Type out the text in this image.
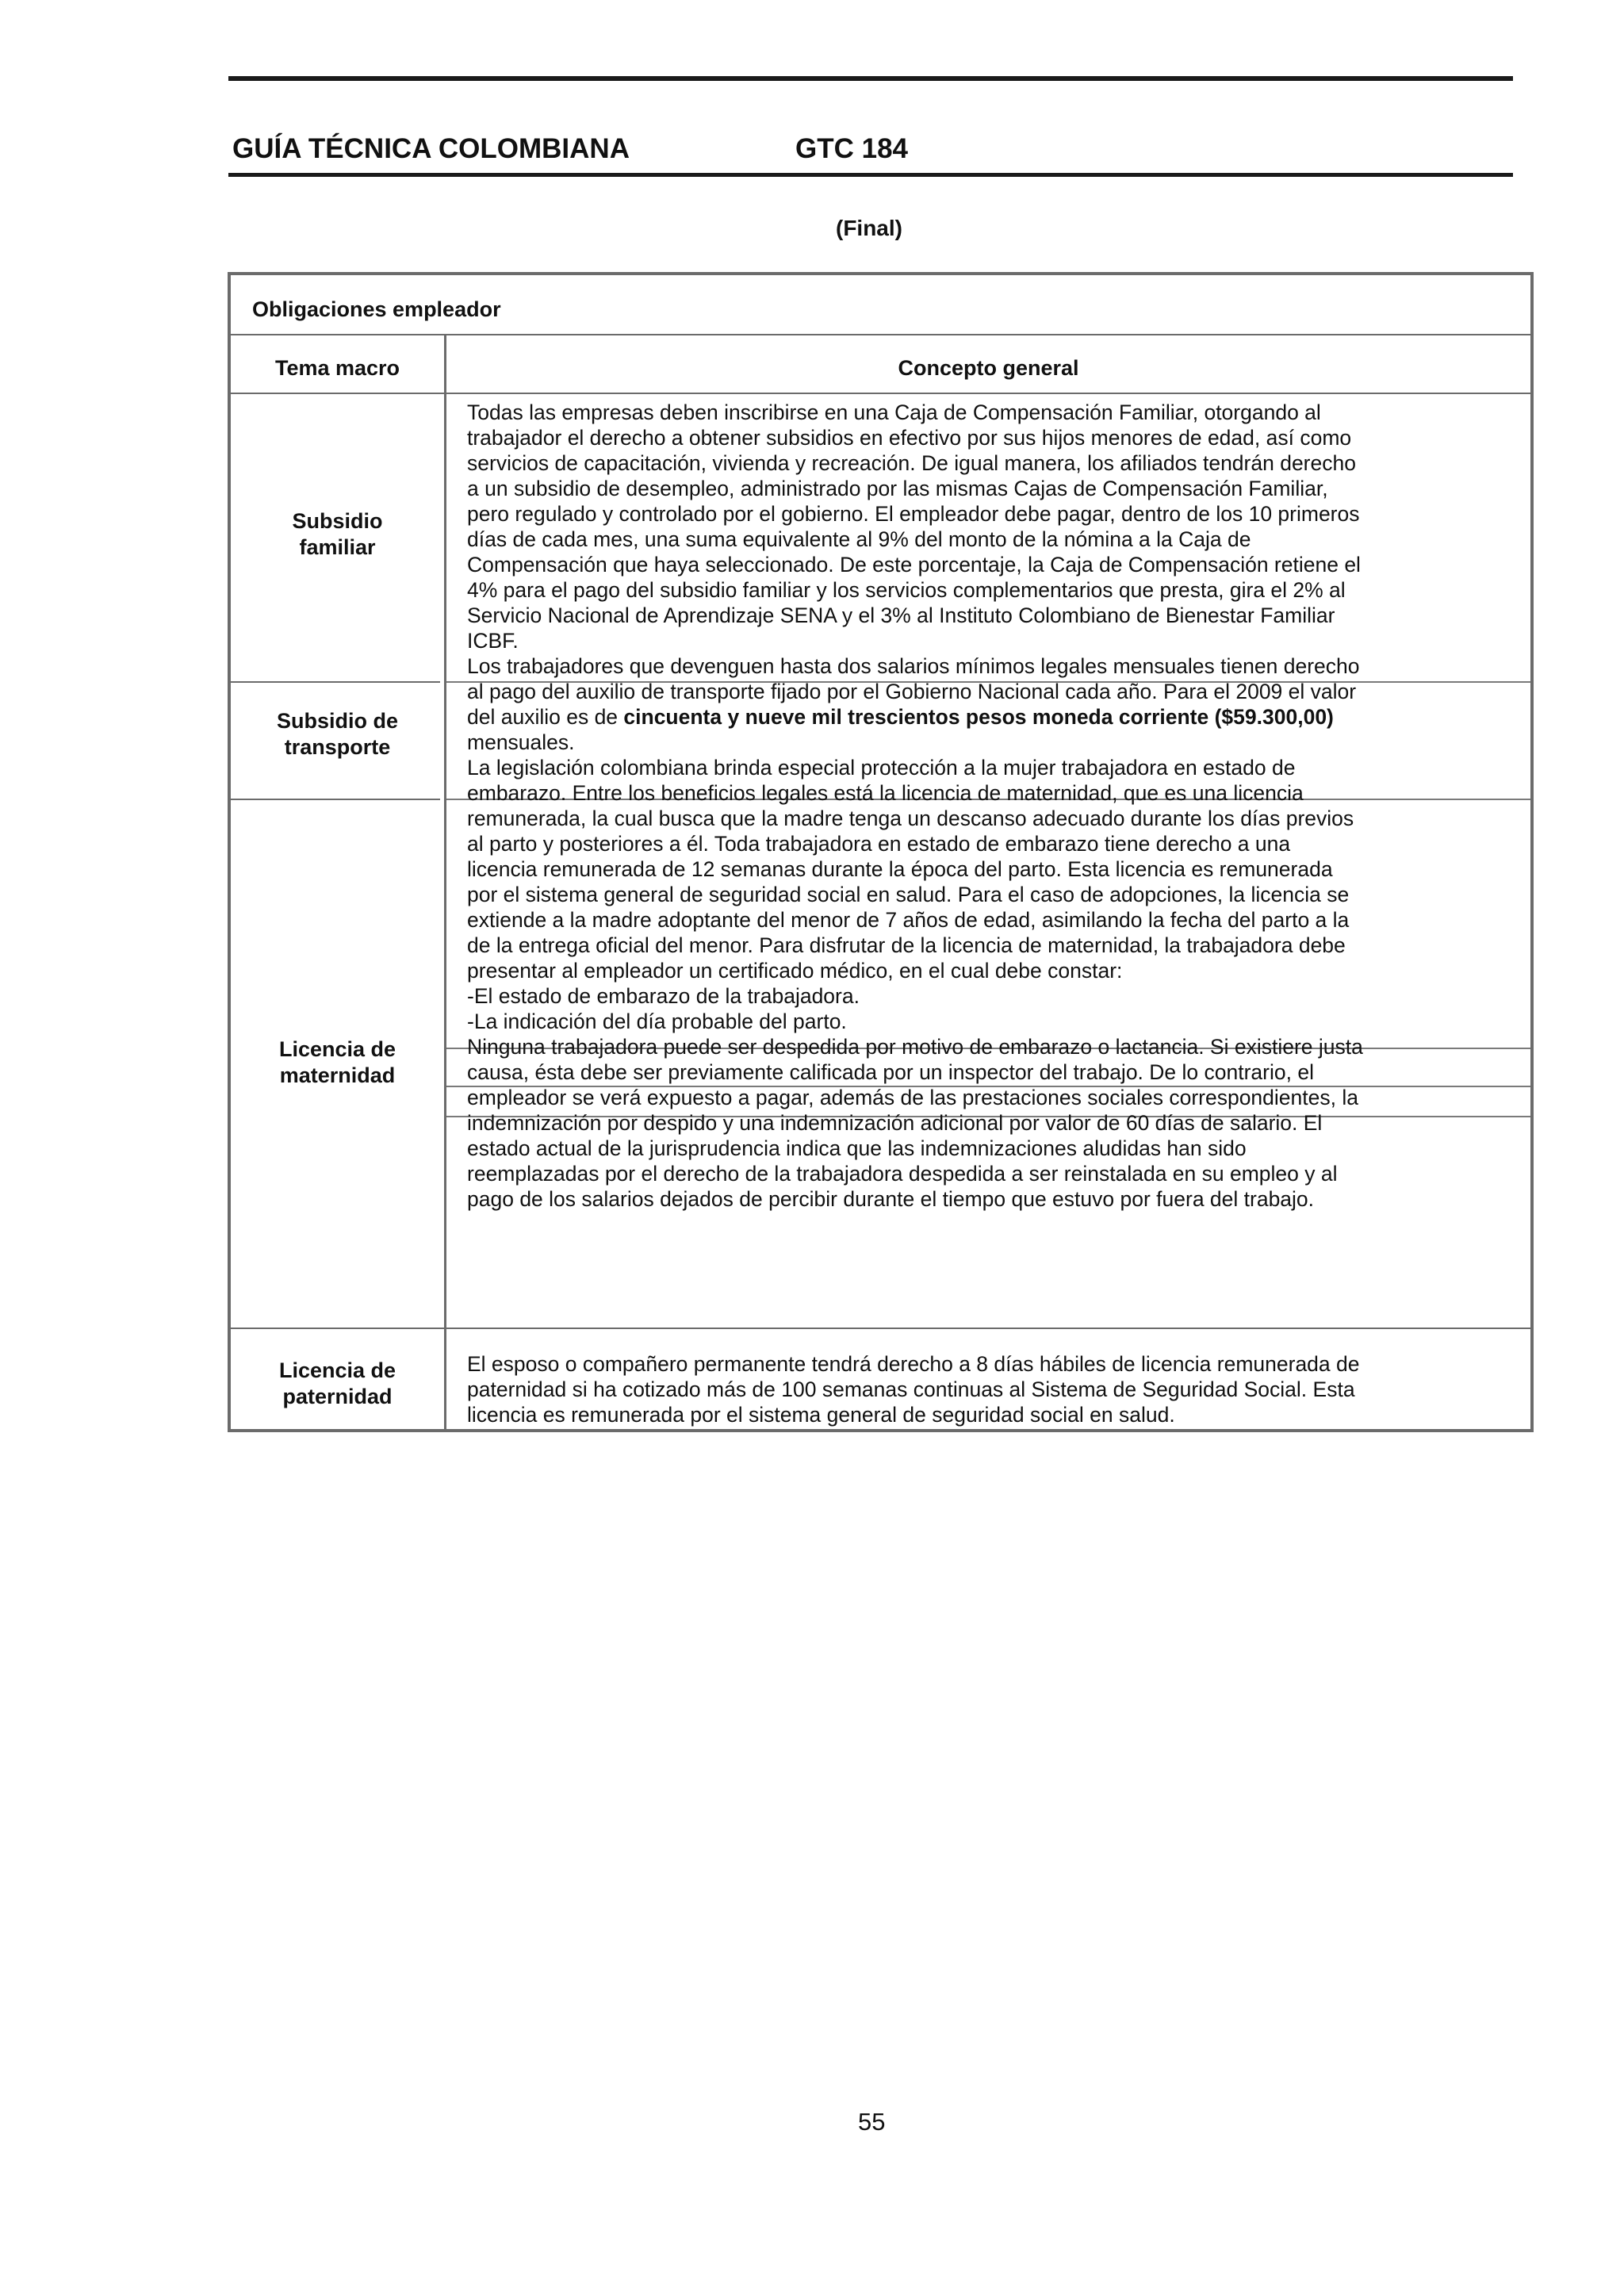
GUÍA TÉCNICA COLOMBIANA	GTC 184
(Final)
Obligaciones empleador
Tema macro	Concepto general
Subsidio
familiar
Todas las empresas deben inscribirse en una Caja de Compensación Familiar, otorgando al
trabajador el derecho a obtener subsidios en efectivo por sus hijos menores de edad, así como
servicios de capacitación, vivienda y recreación. De igual manera, los afiliados tendrán derecho
a un subsidio de desempleo, administrado por las mismas Cajas de Compensación Familiar,
pero regulado y controlado por el gobierno. El empleador debe pagar, dentro de los 10 primeros
días de cada mes, una suma equivalente al 9% del monto de la nómina a la Caja de
Compensación que haya seleccionado. De este porcentaje, la Caja de Compensación retiene el
4% para el pago del subsidio familiar y los servicios complementarios que presta, gira el 2% al
Servicio Nacional de Aprendizaje SENA y el 3% al Instituto Colombiano de Bienestar Familiar
ICBF.
Subsidio de
transporte
Los trabajadores que devenguen hasta dos salarios mínimos legales mensuales tienen derecho
al pago del auxilio de transporte fijado por el Gobierno Nacional cada año. Para el 2009 el valor
del auxilio es de cincuenta y nueve mil trescientos pesos moneda corriente ($59.300,00)
mensuales.
Licencia de
maternidad
La legislación colombiana brinda especial protección a la mujer trabajadora en estado de
embarazo. Entre los beneficios legales está la licencia de maternidad, que es una licencia
remunerada, la cual busca que la madre tenga un descanso adecuado durante los días previos
al parto y posteriores a él. Toda trabajadora en estado de embarazo tiene derecho a una
licencia remunerada de 12 semanas durante la época del parto. Esta licencia es remunerada
por el sistema general de seguridad social en salud. Para el caso de adopciones, la licencia se
extiende a la madre adoptante del menor de 7 años de edad, asimilando la fecha del parto a la
de la entrega oficial del menor. Para disfrutar de la licencia de maternidad, la trabajadora debe
presentar al empleador un certificado médico, en el cual debe constar:
-El estado de embarazo de la trabajadora.
-La indicación del día probable del parto.
Ninguna trabajadora puede ser despedida por motivo de embarazo o lactancia. Si existiere justa
causa, ésta debe ser previamente calificada por un inspector del trabajo. De lo contrario, el
empleador se verá expuesto a pagar, además de las prestaciones sociales correspondientes, la
indemnización por despido y una indemnización adicional por valor de 60 días de salario. El
estado actual de la jurisprudencia indica que las indemnizaciones aludidas han sido
reemplazadas por el derecho de la trabajadora despedida a ser reinstalada en su empleo y al
pago de los salarios dejados de percibir durante el tiempo que estuvo por fuera del trabajo.
Licencia de
paternidad
El esposo o compañero permanente tendrá derecho a 8 días hábiles de licencia remunerada de
paternidad si ha cotizado más de 100 semanas continuas al Sistema de Seguridad Social. Esta
licencia es remunerada por el sistema general de seguridad social en salud.
55
